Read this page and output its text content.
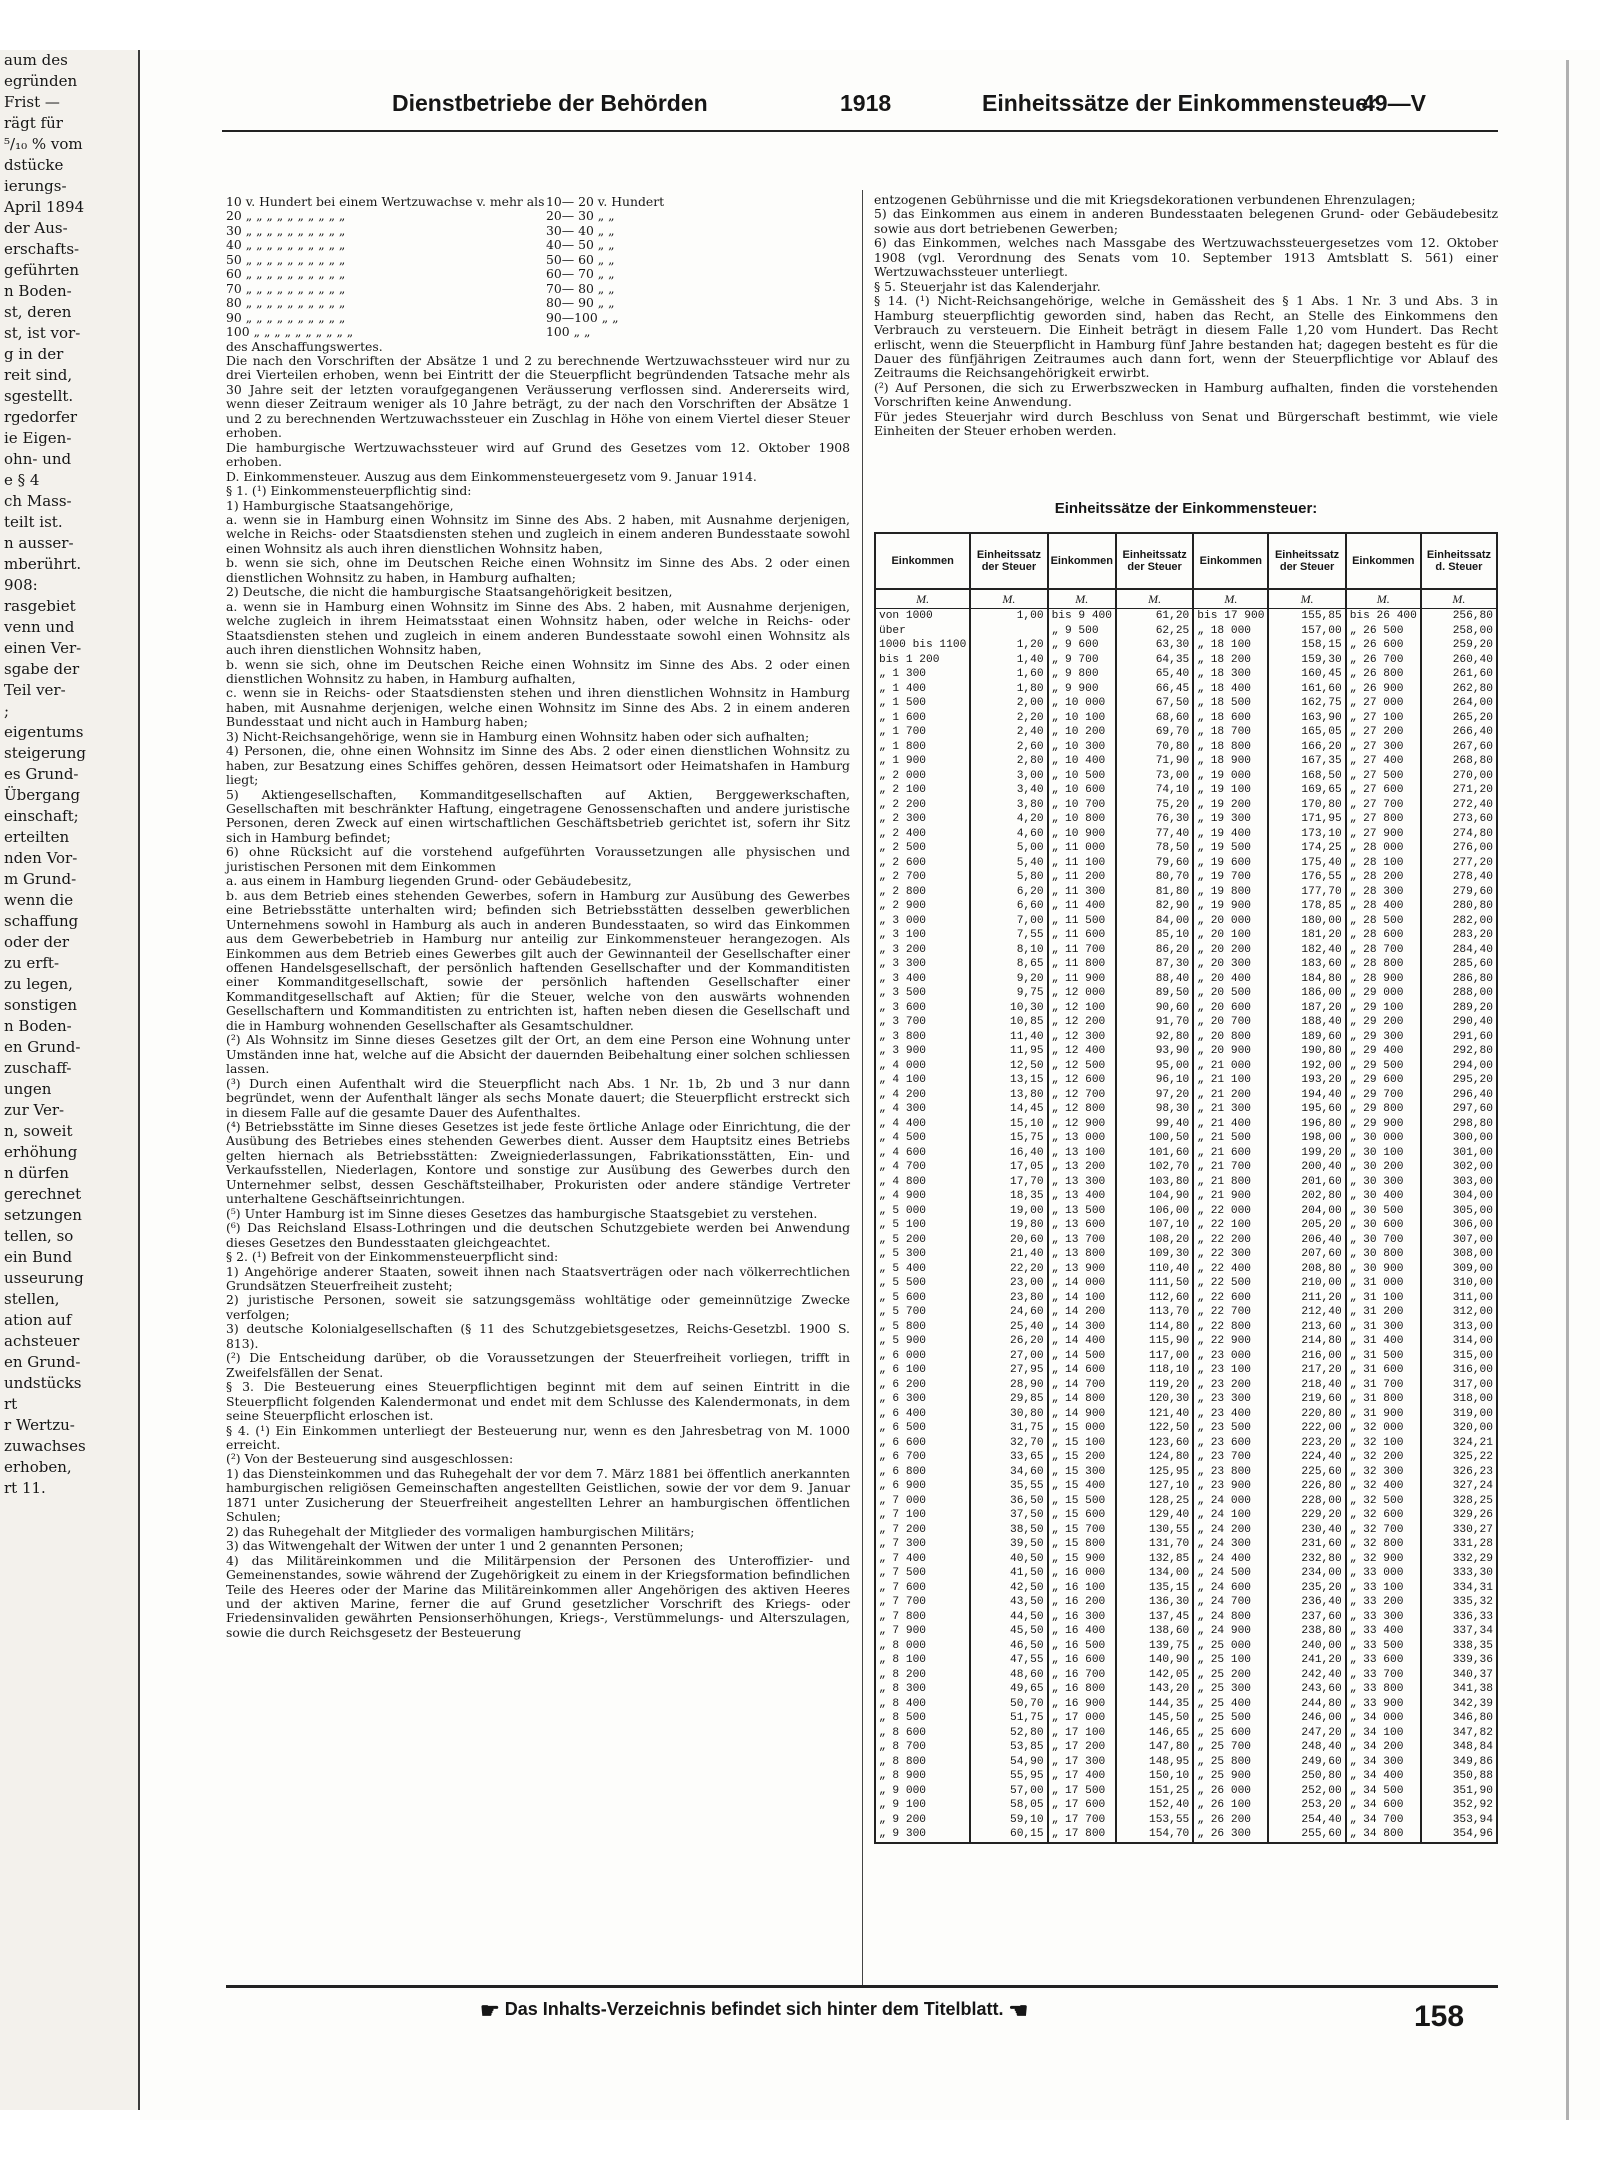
aum des
egründen
Frist —
rägt für
⁵/₁₀ % vom
dstücke
ierungs-
April 1894
der Aus-
erschafts-
geführten
n Boden-
st, deren
st, ist vor-
g in der
reit sind,
sgestellt.
rgedorfer
ie Eigen-
ohn- und
e § 4
ch Mass-
teilt ist.
n ausser-
mberührt.
908:
rasgebiet
venn und
einen Ver-
sgabe der
Teil ver-
;
eigentums
steigerung
es Grund-
Übergang
einschaft;
erteilten
nden Vor-
m Grund-
wenn die
schaffung
oder der
zu erft-
zu legen,
sonstigen
n Boden-
en Grund-
zuschaff-
ungen
zur Ver-
n, soweit
erhöhung
n dürfen
gerechnet
setzungen
tellen, so
ein Bund
usseurung
stellen,
ation auf
achsteuer
en Grund-
undstücks
rt
r Wertzu-
zuwachses
erhoben,
rt 11.
Dienstbetriebe der Behörden	1918	Einheitssätze der Einkommensteuer
49—V
10 v. Hundert bei einem Wertzuwachse v. mehr als 10— 20 v. Hundert
20 „ „ „ „ „ „ „ „ „ „	20— 30 „ „
30 „ „ „ „ „ „ „ „ „ „	30— 40 „ „
40 „ „ „ „ „ „ „ „ „ „	40— 50 „ „
50 „ „ „ „ „ „ „ „ „ „	50— 60 „ „
60 „ „ „ „ „ „ „ „ „ „	60— 70 „ „
70 „ „ „ „ „ „ „ „ „ „	70— 80 „ „
80 „ „ „ „ „ „ „ „ „ „	80— 90 „ „
90 „ „ „ „ „ „ „ „ „ „	90—100 „ „
100 „ „ „ „ „ „ „ „ „ „	100 „ „

des Anschaffungswertes.

Die nach den Vorschriften der Absätze 1 und 2 zu berechnende Wertzuwachssteuer wird nur zu drei Vierteilen erhoben, wenn bei Eintritt der die Steuerpflicht begründenden Tatsache mehr als 30 Jahre seit der letzten voraufgegangenen Veräusserung verflossen sind. Andererseits wird, wenn dieser Zeitraum weniger als 10 Jahre beträgt, zu der nach den Vorschriften der Absätze 1 und 2 zu berechnenden Wertzuwachssteuer ein Zuschlag in Höhe von einem Viertel dieser Steuer erhoben.

Die hamburgische Wertzuwachssteuer wird auf Grund des Gesetzes vom 12. Oktober 1908 erhoben.

D. Einkommensteuer. Auszug aus dem Einkommensteuergesetz vom 9. Januar 1914.

§ 1. (¹) Einkommensteuerpflichtig sind:

1) Hamburgische Staatsangehörige,

a. wenn sie in Hamburg einen Wohnsitz im Sinne des Abs. 2 haben, mit Ausnahme derjenigen, welche in Reichs- oder Staatsdiensten stehen und zugleich in einem anderen Bundesstaate sowohl einen Wohnsitz als auch ihren dienstlichen Wohnsitz haben,

b. wenn sie sich, ohne im Deutschen Reiche einen Wohnsitz im Sinne des Abs. 2 oder einen dienstlichen Wohnsitz zu haben, in Hamburg aufhalten;

2) Deutsche, die nicht die hamburgische Staatsangehörigkeit besitzen,

a. wenn sie in Hamburg einen Wohnsitz im Sinne des Abs. 2 haben, mit Ausnahme derjenigen, welche zugleich in ihrem Heimatsstaat einen Wohnsitz haben, oder welche in Reichs- oder Staatsdiensten stehen und zugleich in einem anderen Bundesstaate sowohl einen Wohnsitz als auch ihren dienstlichen Wohnsitz haben,

b. wenn sie sich, ohne im Deutschen Reiche einen Wohnsitz im Sinne des Abs. 2 oder einen dienstlichen Wohnsitz zu haben, in Hamburg aufhalten,

c. wenn sie in Reichs- oder Staatsdiensten stehen und ihren dienstlichen Wohnsitz in Hamburg haben, mit Ausnahme derjenigen, welche einen Wohnsitz im Sinne des Abs. 2 in einem anderen Bundesstaat und nicht auch in Hamburg haben;

3) Nicht-Reichsangehörige, wenn sie in Hamburg einen Wohnsitz haben oder sich aufhalten;

4) Personen, die, ohne einen Wohnsitz im Sinne des Abs. 2 oder einen dienstlichen Wohnsitz zu haben, zur Besatzung eines Schiffes gehören, dessen Heimatsort oder Heimatshafen in Hamburg liegt;

5) Aktiengesellschaften, Kommanditgesellschaften auf Aktien, Berggewerkschaften, Gesellschaften mit beschränkter Haftung, eingetragene Genossenschaften und andere juristische Personen, deren Zweck auf einen wirtschaftlichen Geschäftsbetrieb gerichtet ist, sofern ihr Sitz sich in Hamburg befindet;

6) ohne Rücksicht auf die vorstehend aufgeführten Voraussetzungen alle physischen und juristischen Personen mit dem Einkommen

a. aus einem in Hamburg liegenden Grund- oder Gebäudebesitz,

b. aus dem Betrieb eines stehenden Gewerbes, sofern in Hamburg zur Ausübung des Gewerbes eine Betriebsstätte unterhalten wird; befinden sich Betriebsstätten desselben gewerblichen Unternehmens sowohl in Hamburg als auch in anderen Bundesstaaten, so wird das Einkommen aus dem Gewerbebetrieb in Hamburg nur anteilig zur Einkommensteuer herangezogen. Als Einkommen aus dem Betrieb eines Gewerbes gilt auch der Gewinnanteil der Gesellschafter einer offenen Handelsgesellschaft, der persönlich haftenden Gesellschafter und der Kommanditisten einer Kommanditgesellschaft, sowie der persönlich haftenden Gesellschafter einer Kommanditgesellschaft auf Aktien; für die Steuer, welche von den auswärts wohnenden Gesellschaftern und Kommanditisten zu entrichten ist, haften neben diesen die Gesellschaft und die in Hamburg wohnenden Gesellschafter als Gesamtschuldner.

(²) Als Wohnsitz im Sinne dieses Gesetzes gilt der Ort, an dem eine Person eine Wohnung unter Umständen inne hat, welche auf die Absicht der dauernden Beibehaltung einer solchen schliessen lassen.

(³) Durch einen Aufenthalt wird die Steuerpflicht nach Abs. 1 Nr. 1b, 2b und 3 nur dann begründet, wenn der Aufenthalt länger als sechs Monate dauert; die Steuerpflicht erstreckt sich in diesem Falle auf die gesamte Dauer des Aufenthaltes.

(⁴) Betriebsstätte im Sinne dieses Gesetzes ist jede feste örtliche Anlage oder Einrichtung, die der Ausübung des Betriebes eines stehenden Gewerbes dient. Ausser dem Hauptsitz eines Betriebs gelten hiernach als Betriebsstätten: Zweigniederlassungen, Fabrikationsstätten, Ein- und Verkaufsstellen, Niederlagen, Kontore und sonstige zur Ausübung des Gewerbes durch den Unternehmer selbst, dessen Geschäftsteilhaber, Prokuristen oder andere ständige Vertreter unterhaltene Geschäftseinrichtungen.

(⁵) Unter Hamburg ist im Sinne dieses Gesetzes das hamburgische Staatsgebiet zu verstehen.

(⁶) Das Reichsland Elsass-Lothringen und die deutschen Schutzgebiete werden bei Anwendung dieses Gesetzes den Bundesstaaten gleichgeachtet.

§ 2. (¹) Befreit von der Einkommensteuerpflicht sind:

1) Angehörige anderer Staaten, soweit ihnen nach Staatsverträgen oder nach völkerrechtlichen Grundsätzen Steuerfreiheit zusteht;

2) juristische Personen, soweit sie satzungsgemäss wohltätige oder gemeinnützige Zwecke verfolgen;

3) deutsche Kolonialgesellschaften (§ 11 des Schutzgebietsgesetzes, Reichs-Gesetzbl. 1900 S. 813).

(²) Die Entscheidung darüber, ob die Voraussetzungen der Steuerfreiheit vorliegen, trifft in Zweifelsfällen der Senat.

§ 3. Die Besteuerung eines Steuerpflichtigen beginnt mit dem auf seinen Eintritt in die Steuerpflicht folgenden Kalendermonat und endet mit dem Schlusse des Kalendermonats, in dem seine Steuerpflicht erloschen ist.

§ 4. (¹) Ein Einkommen unterliegt der Besteuerung nur, wenn es den Jahresbetrag von M. 1000 erreicht.

(²) Von der Besteuerung sind ausgeschlossen:

1) das Diensteinkommen und das Ruhegehalt der vor dem 7. März 1881 bei öffentlich anerkannten hamburgischen religiösen Gemeinschaften angestellten Geistlichen, sowie der vor dem 9. Januar 1871 unter Zusicherung der Steuerfreiheit angestellten Lehrer an hamburgischen öffentlichen Schulen;

2) das Ruhegehalt der Mitglieder des vormaligen hamburgischen Militärs;

3) das Witwengehalt der Witwen der unter 1 und 2 genannten Personen;

4) das Militäreinkommen und die Militärpension der Personen des Unteroffizier- und Gemeinenstandes, sowie während der Zugehörigkeit zu einem in der Kriegsformation befindlichen Teile des Heeres oder der Marine das Militäreinkommen aller Angehörigen des aktiven Heeres und der aktiven Marine, ferner die auf Grund gesetzlicher Vorschrift des Kriegs- oder Friedensinvaliden gewährten Pensionserhöhungen, Kriegs-, Verstümmelungs- und Alterszulagen, sowie die durch Reichsgesetz der Besteuerung

entzogenen Gebührnisse und die mit Kriegsdekorationen verbundenen Ehrenzulagen;

5) das Einkommen aus einem in anderen Bundesstaaten belegenen Grund- oder Gebäudebesitz sowie aus dort betriebenen Gewerben;

6) das Einkommen, welches nach Massgabe des Wertzuwachssteuergesetzes vom 12. Oktober 1908 (vgl. Verordnung des Senats vom 10. September 1913 Amtsblatt S. 561) einer Wertzuwachssteuer unterliegt.

§ 5. Steuerjahr ist das Kalenderjahr.

§ 14. (¹) Nicht-Reichsangehörige, welche in Gemässheit des § 1 Abs. 1 Nr. 3 und Abs. 3 in Hamburg steuerpflichtig geworden sind, haben das Recht, an Stelle des Einkommens den Verbrauch zu versteuern. Die Einheit beträgt in diesem Falle 1,20 vom Hundert. Das Recht erlischt, wenn die Steuerpflicht in Hamburg fünf Jahre bestanden hat; dagegen besteht es für die Dauer des fünfjährigen Zeitraumes auch dann fort, wenn der Steuerpflichtige vor Ablauf des Zeitraums die Reichsangehörigkeit erwirbt.

(²) Auf Personen, die sich zu Erwerbszwecken in Hamburg aufhalten, finden die vorstehenden Vorschriften keine Anwendung.

Für jedes Steuerjahr wird durch Beschluss von Senat und Bürgerschaft bestimmt, wie viele Einheiten der Steuer erhoben werden.

Einheitssätze der Einkommensteuer:
Einkommen	Einheitssatz der Steuer	Einkommen	Einheitssatz der Steuer	Einkommen	Einheitssatz der Steuer	Einkommen	Einheitssatz d. Steuer
M.	M.	M.	M.	M.	M.	M.	M.
von 1000	1,00	bis 9 400	61,20	bis 17 900	155,85	bis 26 400	256,80
über		„ 9 500	62,25	„ 18 000	157,00	„ 26 500	258,00
1000 bis 1100	1,20	„ 9 600	63,30	„ 18 100	158,15	„ 26 600	259,20
bis 1 200	1,40	„ 9 700	64,35	„ 18 200	159,30	„ 26 700	260,40
„ 1 300	1,60	„ 9 800	65,40	„ 18 300	160,45	„ 26 800	261,60
„ 1 400	1,80	„ 9 900	66,45	„ 18 400	161,60	„ 26 900	262,80
„ 1 500	2,00	„ 10 000	67,50	„ 18 500	162,75	„ 27 000	264,00
„ 1 600	2,20	„ 10 100	68,60	„ 18 600	163,90	„ 27 100	265,20
„ 1 700	2,40	„ 10 200	69,70	„ 18 700	165,05	„ 27 200	266,40
„ 1 800	2,60	„ 10 300	70,80	„ 18 800	166,20	„ 27 300	267,60
„ 1 900	2,80	„ 10 400	71,90	„ 18 900	167,35	„ 27 400	268,80
„ 2 000	3,00	„ 10 500	73,00	„ 19 000	168,50	„ 27 500	270,00
„ 2 100	3,40	„ 10 600	74,10	„ 19 100	169,65	„ 27 600	271,20
„ 2 200	3,80	„ 10 700	75,20	„ 19 200	170,80	„ 27 700	272,40
„ 2 300	4,20	„ 10 800	76,30	„ 19 300	171,95	„ 27 800	273,60
„ 2 400	4,60	„ 10 900	77,40	„ 19 400	173,10	„ 27 900	274,80
„ 2 500	5,00	„ 11 000	78,50	„ 19 500	174,25	„ 28 000	276,00
„ 2 600	5,40	„ 11 100	79,60	„ 19 600	175,40	„ 28 100	277,20
„ 2 700	5,80	„ 11 200	80,70	„ 19 700	176,55	„ 28 200	278,40
„ 2 800	6,20	„ 11 300	81,80	„ 19 800	177,70	„ 28 300	279,60
„ 2 900	6,60	„ 11 400	82,90	„ 19 900	178,85	„ 28 400	280,80
„ 3 000	7,00	„ 11 500	84,00	„ 20 000	180,00	„ 28 500	282,00
„ 3 100	7,55	„ 11 600	85,10	„ 20 100	181,20	„ 28 600	283,20
„ 3 200	8,10	„ 11 700	86,20	„ 20 200	182,40	„ 28 700	284,40
„ 3 300	8,65	„ 11 800	87,30	„ 20 300	183,60	„ 28 800	285,60
„ 3 400	9,20	„ 11 900	88,40	„ 20 400	184,80	„ 28 900	286,80
„ 3 500	9,75	„ 12 000	89,50	„ 20 500	186,00	„ 29 000	288,00
„ 3 600	10,30	„ 12 100	90,60	„ 20 600	187,20	„ 29 100	289,20
„ 3 700	10,85	„ 12 200	91,70	„ 20 700	188,40	„ 29 200	290,40
„ 3 800	11,40	„ 12 300	92,80	„ 20 800	189,60	„ 29 300	291,60
„ 3 900	11,95	„ 12 400	93,90	„ 20 900	190,80	„ 29 400	292,80
„ 4 000	12,50	„ 12 500	95,00	„ 21 000	192,00	„ 29 500	294,00
„ 4 100	13,15	„ 12 600	96,10	„ 21 100	193,20	„ 29 600	295,20
„ 4 200	13,80	„ 12 700	97,20	„ 21 200	194,40	„ 29 700	296,40
„ 4 300	14,45	„ 12 800	98,30	„ 21 300	195,60	„ 29 800	297,60
„ 4 400	15,10	„ 12 900	99,40	„ 21 400	196,80	„ 29 900	298,80
„ 4 500	15,75	„ 13 000	100,50	„ 21 500	198,00	„ 30 000	300,00
„ 4 600	16,40	„ 13 100	101,60	„ 21 600	199,20	„ 30 100	301,00
„ 4 700	17,05	„ 13 200	102,70	„ 21 700	200,40	„ 30 200	302,00
„ 4 800	17,70	„ 13 300	103,80	„ 21 800	201,60	„ 30 300	303,00
„ 4 900	18,35	„ 13 400	104,90	„ 21 900	202,80	„ 30 400	304,00
„ 5 000	19,00	„ 13 500	106,00	„ 22 000	204,00	„ 30 500	305,00
„ 5 100	19,80	„ 13 600	107,10	„ 22 100	205,20	„ 30 600	306,00
„ 5 200	20,60	„ 13 700	108,20	„ 22 200	206,40	„ 30 700	307,00
„ 5 300	21,40	„ 13 800	109,30	„ 22 300	207,60	„ 30 800	308,00
„ 5 400	22,20	„ 13 900	110,40	„ 22 400	208,80	„ 30 900	309,00
„ 5 500	23,00	„ 14 000	111,50	„ 22 500	210,00	„ 31 000	310,00
„ 5 600	23,80	„ 14 100	112,60	„ 22 600	211,20	„ 31 100	311,00
„ 5 700	24,60	„ 14 200	113,70	„ 22 700	212,40	„ 31 200	312,00
„ 5 800	25,40	„ 14 300	114,80	„ 22 800	213,60	„ 31 300	313,00
„ 5 900	26,20	„ 14 400	115,90	„ 22 900	214,80	„ 31 400	314,00
„ 6 000	27,00	„ 14 500	117,00	„ 23 000	216,00	„ 31 500	315,00
„ 6 100	27,95	„ 14 600	118,10	„ 23 100	217,20	„ 31 600	316,00
„ 6 200	28,90	„ 14 700	119,20	„ 23 200	218,40	„ 31 700	317,00
„ 6 300	29,85	„ 14 800	120,30	„ 23 300	219,60	„ 31 800	318,00
„ 6 400	30,80	„ 14 900	121,40	„ 23 400	220,80	„ 31 900	319,00
„ 6 500	31,75	„ 15 000	122,50	„ 23 500	222,00	„ 32 000	320,00
„ 6 600	32,70	„ 15 100	123,60	„ 23 600	223,20	„ 32 100	324,21
„ 6 700	33,65	„ 15 200	124,80	„ 23 700	224,40	„ 32 200	325,22
„ 6 800	34,60	„ 15 300	125,95	„ 23 800	225,60	„ 32 300	326,23
„ 6 900	35,55	„ 15 400	127,10	„ 23 900	226,80	„ 32 400	327,24
„ 7 000	36,50	„ 15 500	128,25	„ 24 000	228,00	„ 32 500	328,25
„ 7 100	37,50	„ 15 600	129,40	„ 24 100	229,20	„ 32 600	329,26
„ 7 200	38,50	„ 15 700	130,55	„ 24 200	230,40	„ 32 700	330,27
„ 7 300	39,50	„ 15 800	131,70	„ 24 300	231,60	„ 32 800	331,28
„ 7 400	40,50	„ 15 900	132,85	„ 24 400	232,80	„ 32 900	332,29
„ 7 500	41,50	„ 16 000	134,00	„ 24 500	234,00	„ 33 000	333,30
„ 7 600	42,50	„ 16 100	135,15	„ 24 600	235,20	„ 33 100	334,31
„ 7 700	43,50	„ 16 200	136,30	„ 24 700	236,40	„ 33 200	335,32
„ 7 800	44,50	„ 16 300	137,45	„ 24 800	237,60	„ 33 300	336,33
„ 7 900	45,50	„ 16 400	138,60	„ 24 900	238,80	„ 33 400	337,34
„ 8 000	46,50	„ 16 500	139,75	„ 25 000	240,00	„ 33 500	338,35
„ 8 100	47,55	„ 16 600	140,90	„ 25 100	241,20	„ 33 600	339,36
„ 8 200	48,60	„ 16 700	142,05	„ 25 200	242,40	„ 33 700	340,37
„ 8 300	49,65	„ 16 800	143,20	„ 25 300	243,60	„ 33 800	341,38
„ 8 400	50,70	„ 16 900	144,35	„ 25 400	244,80	„ 33 900	342,39
„ 8 500	51,75	„ 17 000	145,50	„ 25 500	246,00	„ 34 000	346,80
„ 8 600	52,80	„ 17 100	146,65	„ 25 600	247,20	„ 34 100	347,82
„ 8 700	53,85	„ 17 200	147,80	„ 25 700	248,40	„ 34 200	348,84
„ 8 800	54,90	„ 17 300	148,95	„ 25 800	249,60	„ 34 300	349,86
„ 8 900	55,95	„ 17 400	150,10	„ 25 900	250,80	„ 34 400	350,88
„ 9 000	57,00	„ 17 500	151,25	„ 26 000	252,00	„ 34 500	351,90
„ 9 100	58,05	„ 17 600	152,40	„ 26 100	253,20	„ 34 600	352,92
„ 9 200	59,10	„ 17 700	153,55	„ 26 200	254,40	„ 34 700	353,94
„ 9 300	60,15	„ 17 800	154,70	„ 26 300	255,60	„ 34 800	354,96
☛ Das Inhalts-Verzeichnis befindet sich hinter dem Titelblatt. ☚	158
